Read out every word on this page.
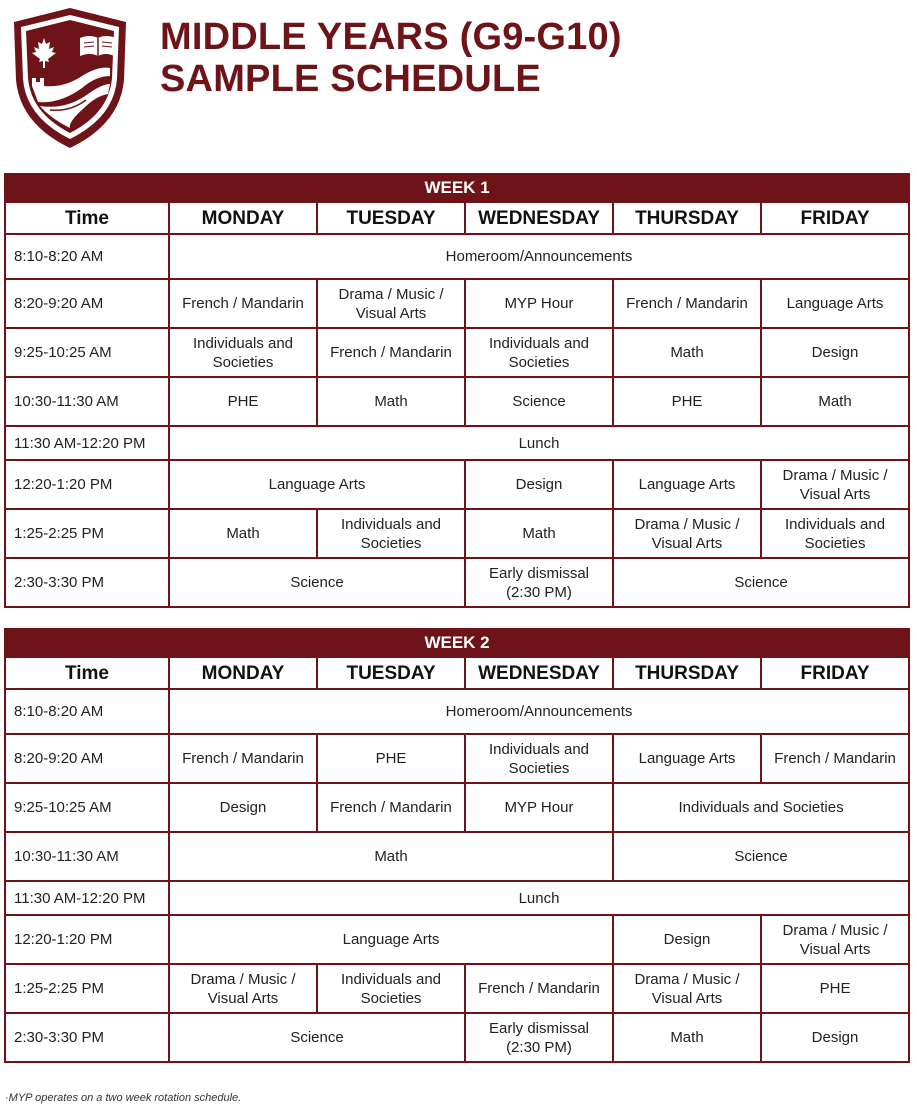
MIDDLE YEARS (G9-G10)
SAMPLE SCHEDULE
WEEK 1					
Time	MONDAY	TUESDAY	WEDNESDAY	THURSDAY	FRIDAY
8:10-8:20 AM	Homeroom/Announcements				
8:20-9:20 AM	French / Mandarin	Drama / Music / Visual Arts	MYP Hour	French / Mandarin	Language Arts
9:25-10:25 AM	Individuals and Societies	French / Mandarin	Individuals and Societies	Math	Design
10:30-11:30 AM	PHE	Math	Science	PHE	Math
11:30 AM-12:20 PM	Lunch				
12:20-1:20 PM	Language Arts		Design	Language Arts	Drama / Music / Visual Arts
1:25-2:25 PM	Math	Individuals and Societies	Math	Drama / Music / Visual Arts	Individuals and Societies
2:30-3:30 PM	Science		Early dismissal (2:30 PM)	Science	
WEEK 2					
Time	MONDAY	TUESDAY	WEDNESDAY	THURSDAY	FRIDAY
8:10-8:20 AM	Homeroom/Announcements				
8:20-9:20 AM	French / Mandarin	PHE	Individuals and Societies	Language Arts	French / Mandarin
9:25-10:25 AM	Design	French / Mandarin	MYP Hour	Individuals and Societies	
10:30-11:30 AM	Math			Science	
11:30 AM-12:20 PM	Lunch				
12:20-1:20 PM	Language Arts			Design	Drama / Music / Visual Arts
1:25-2:25 PM	Drama / Music / Visual Arts	Individuals and Societies	French / Mandarin	Drama / Music / Visual Arts	PHE
2:30-3:30 PM	Science		Early dismissal (2:30 PM)	Math	Design
·MYP operates on a two week rotation schedule.
